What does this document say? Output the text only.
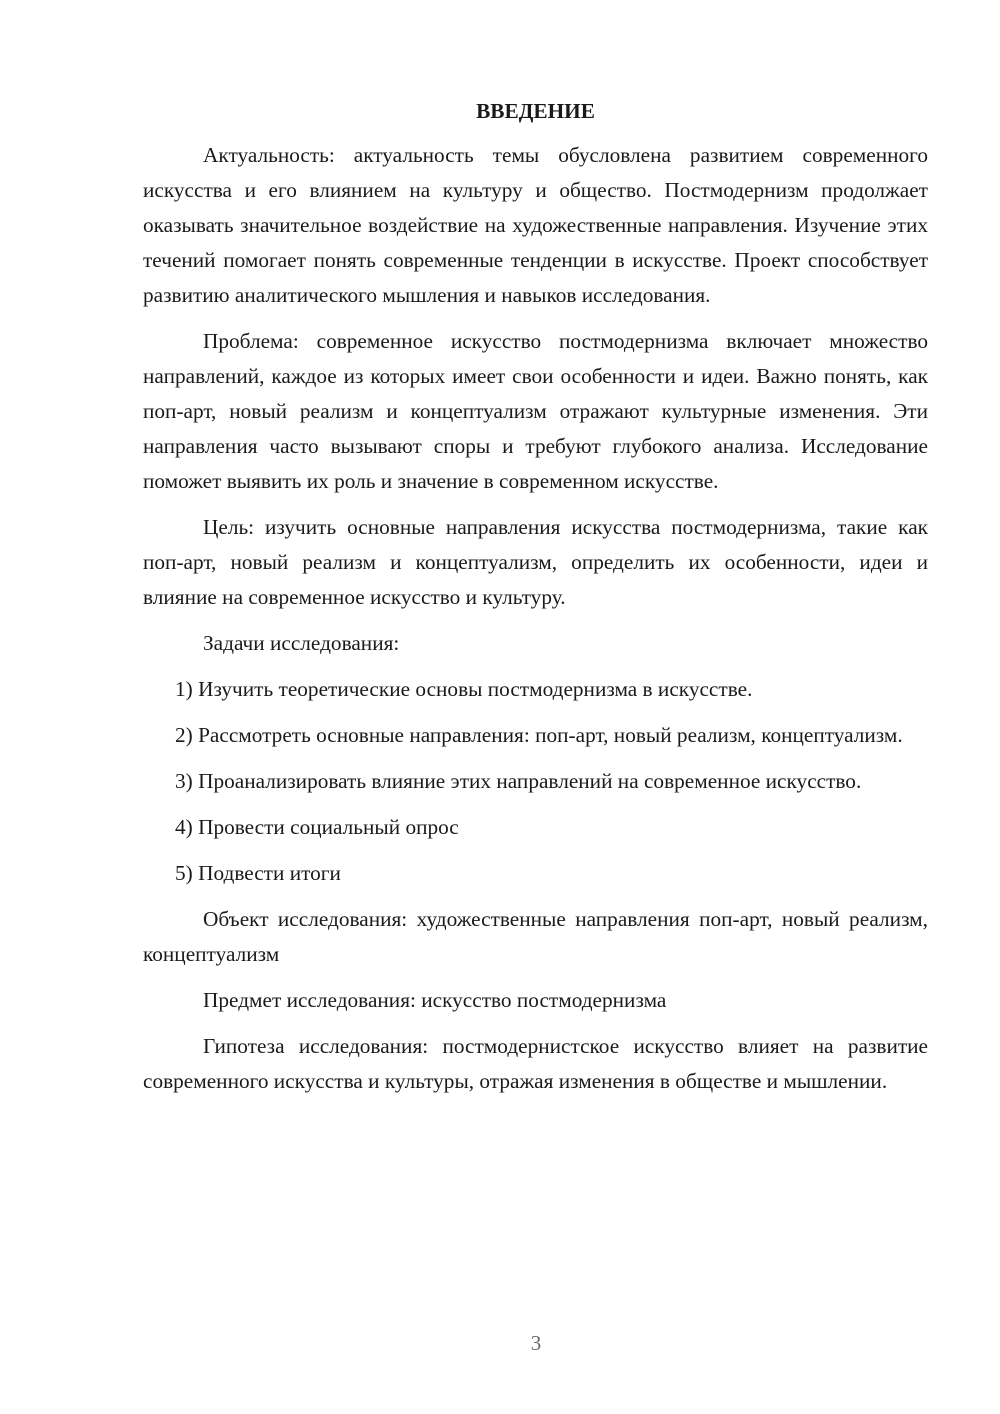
ВВЕДЕНИЕ

Актуальность: актуальность темы обусловлена развитием современного искусства и его влиянием на культуру и общество. Постмодернизм продолжает оказывать значительное воздействие на художественные направления. Изучение этих течений помогает понять современные тенденции в искусстве. Проект способствует развитию аналитического мышления и навыков исследования.

Проблема: современное искусство постмодернизма включает множество направлений, каждое из которых имеет свои особенности и идеи. Важно понять, как поп-арт, новый реализм и концептуализм отражают культурные изменения. Эти направления часто вызывают споры и требуют глубокого анализа. Исследование поможет выявить их роль и значение в современном искусстве.

Цель: изучить основные направления искусства постмодернизма, такие как поп-арт, новый реализм и концептуализм, определить их особенности, идеи и влияние на современное искусство и культуру.

Задачи исследования:

1) Изучить теоретические основы постмодернизма в искусстве.

2) Рассмотреть основные направления: поп-арт, новый реализм, концептуализм.

3) Проанализировать влияние этих направлений на современное искусство.

4) Провести социальный опрос

5) Подвести итоги

Объект исследования: художественные направления поп-арт, новый реализм, концептуализм

Предмет исследования: искусство постмодернизма

Гипотеза исследования: постмодернистское искусство влияет на развитие современного искусства и культуры, отражая изменения в обществе и мышлении.

3
